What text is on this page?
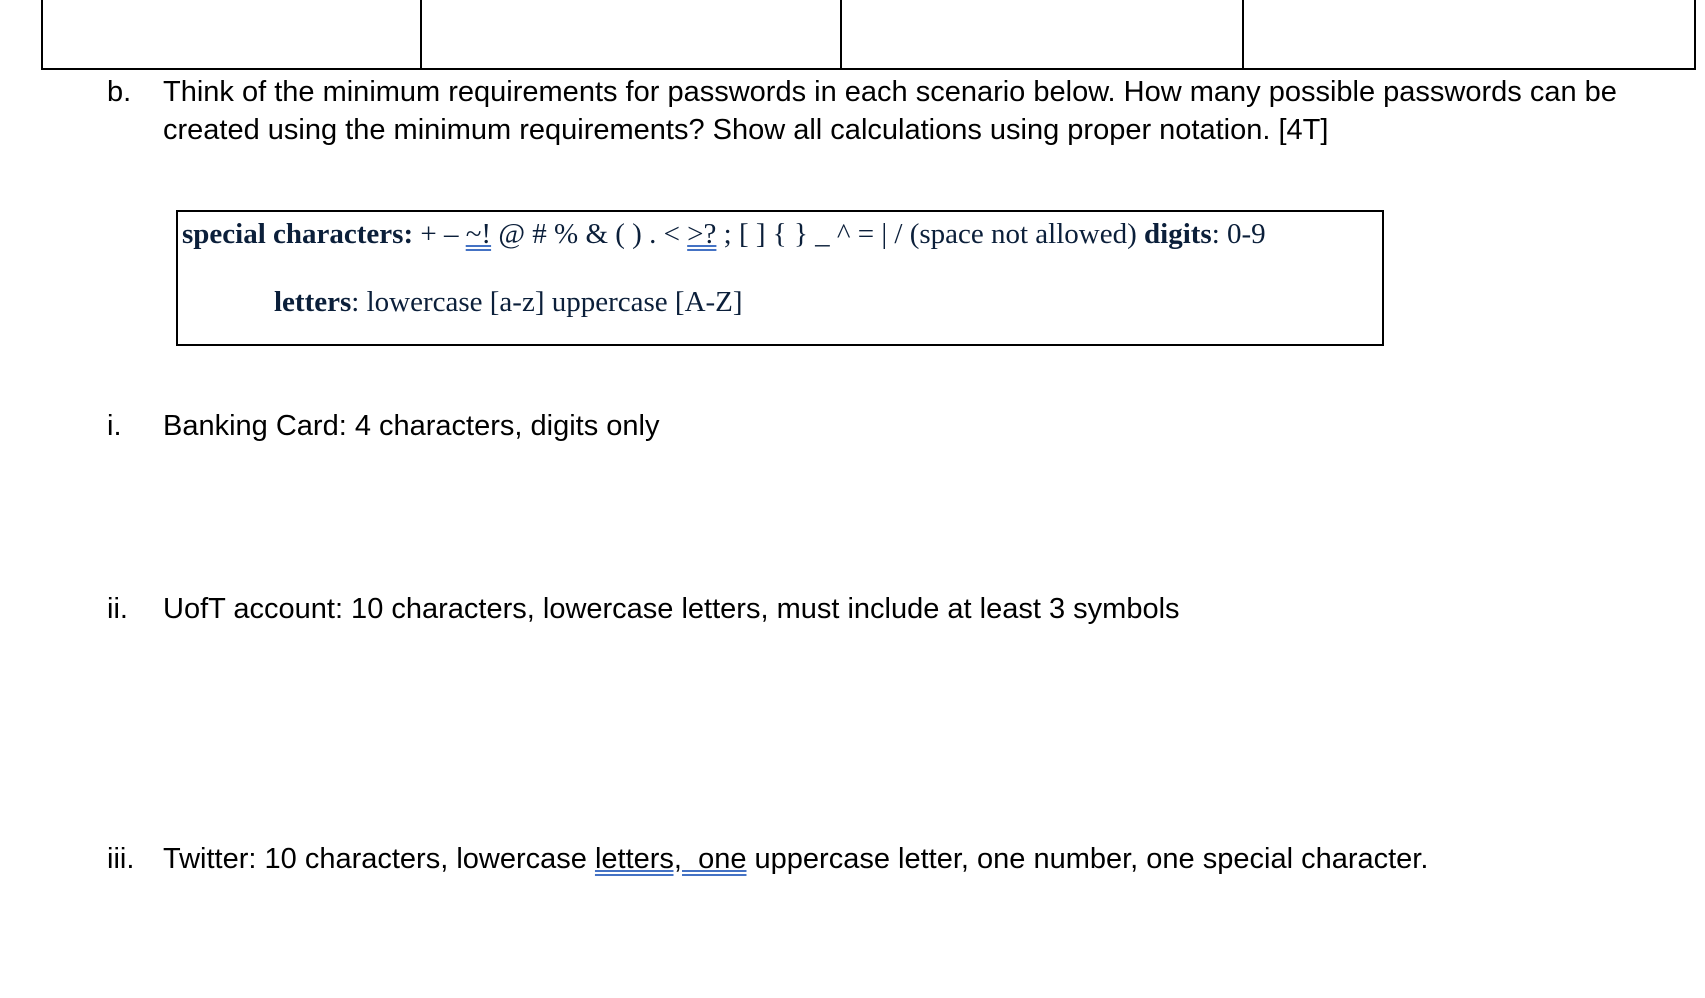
b. Think of the minimum requirements for passwords in each scenario below. How many possible passwords can be
created using the minimum requirements? Show all calculations using proper notation. [4T]
special characters: + – ~! @ # % & ( ) . < >? ; [ ] { } _ ^ = | / (space not allowed) digits: 0-9
letters: lowercase [a-z] uppercase [A-Z]
i. Banking Card: 4 characters, digits only
ii. UofT account: 10 characters, lowercase letters, must include at least 3 symbols
iii. Twitter: 10 characters, lowercase letters,  one uppercase letter, one number, one special character.
